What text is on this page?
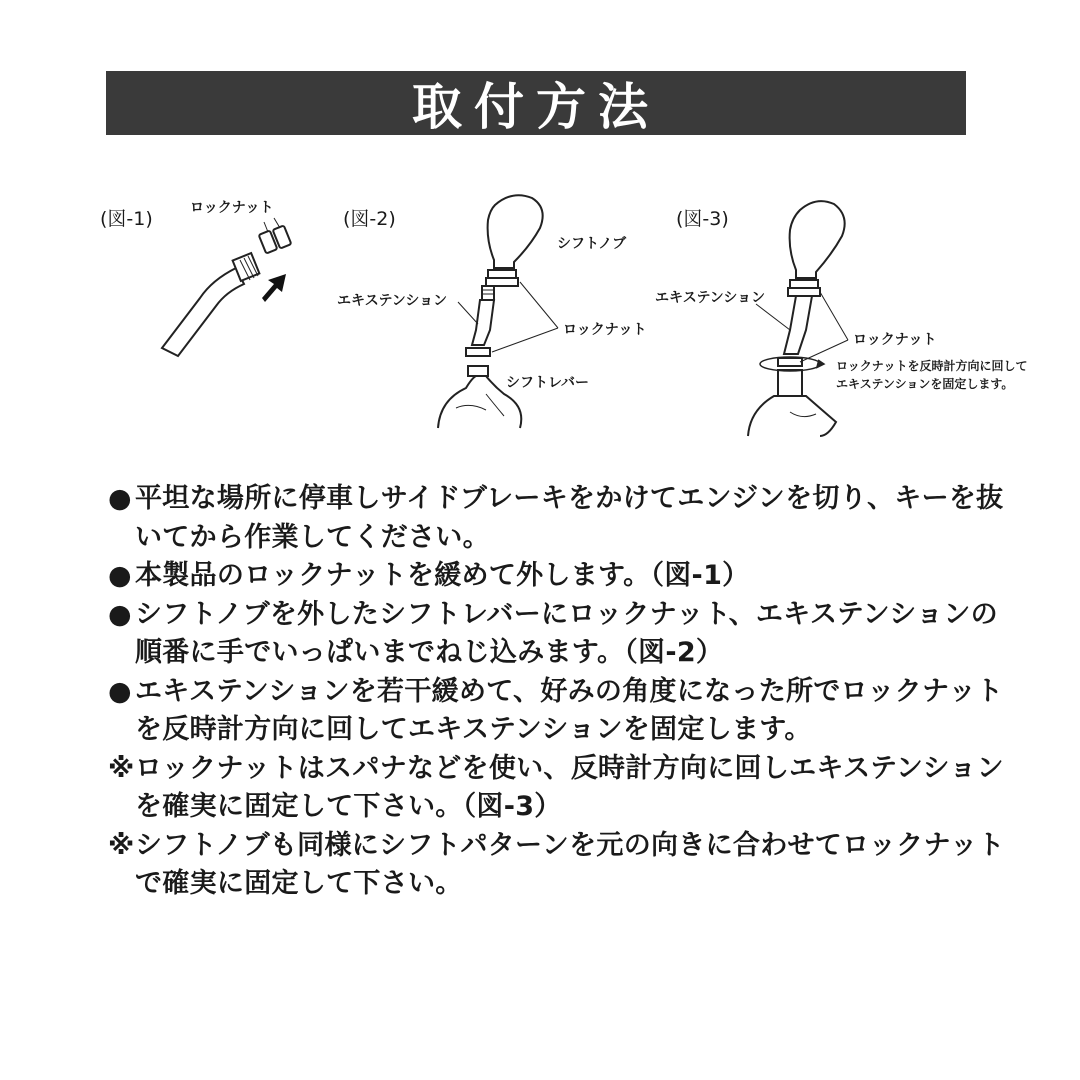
取付方法
(図-1)	ロックナット	(図-2)
シフトノブ
エキステンション
ロックナット
シフトレバー
(図-3)
エキステンション
ロックナット
ロックナットを反時計方向に回して
エキステンションを固定します。
● 平坦な場所に停車しサイドブレーキをかけてエンジンを切り、キーを抜
いてから作業してください。
● 本製品のロックナットを緩めて外します。（図-1）
● シフトノブを外したシフトレバーにロックナット、エキステンションの
順番に手でいっぱいまでねじ込みます。（図-2）
● エキステンションを若干緩めて、好みの角度になった所でロックナット
を反時計方向に回してエキステンションを固定します。
※ ロックナットはスパナなどを使い、反時計方向に回しエキステンション
を確実に固定して下さい。（図-3）
※ シフトノブも同様にシフトパターンを元の向きに合わせてロックナット
で確実に固定して下さい。
